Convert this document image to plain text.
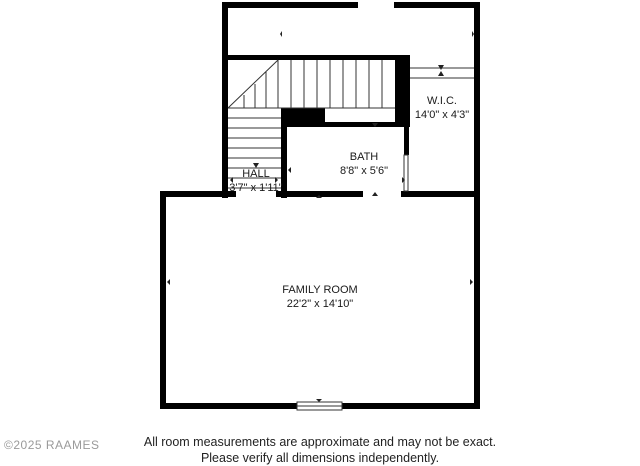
W.I.C.
14'0" x 4'3"
BATH
8'8" x 5'6"
HALL
3'7" x 1'11"
FAMILY ROOM
22'2" x 14'10"
All room measurements are approximate and may not be exact.
Please verify all dimensions independently.
©2025 RAAMES
